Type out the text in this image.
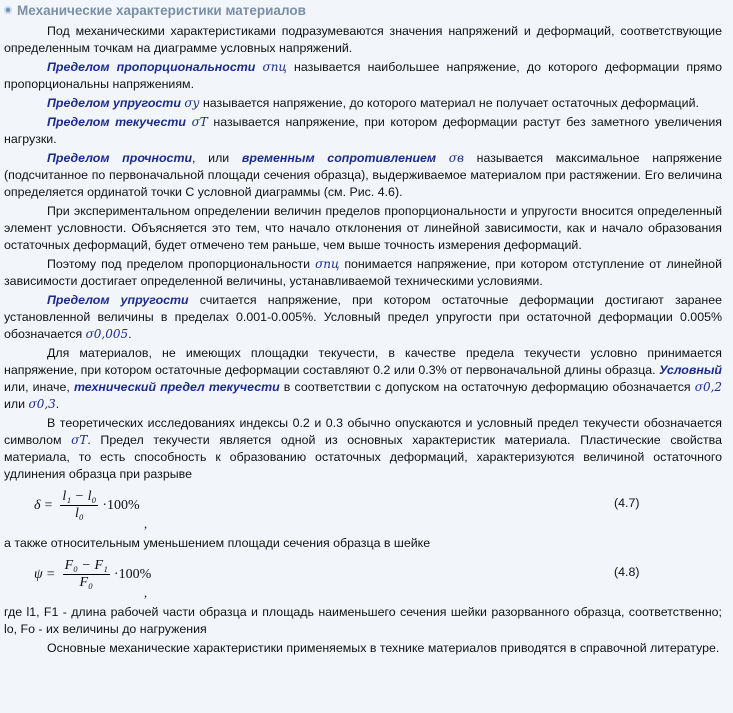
Механические характеристики материалов

Под механическими характеристиками подразумеваются значения напряжений и деформаций, соответствующие определенным точкам на диаграмме условных напряжений.

Пределом пропорциональности σпц называется наибольшее напряжение, до которого деформации прямо пропорциональны напряжениям.

Пределом упругости σу называется напряжение, до которого материал не получает остаточных деформаций.

Пределом текучести σТ называется напряжение, при котором деформации растут без заметного увеличения нагрузки.

Пределом прочности, или временным сопротивлением σв называется максимальное напряжение (подсчитанное по первоначальной площади сечения образца), выдерживаемое материалом при растяжении. Его величина определяется ординатой точки С условной диаграммы (см. Рис. 4.6).

При экспериментальном определении величин пределов пропорциональности и упругости вносится определенный элемент условности. Объясняется это тем, что начало отклонения от линейной зависимости, как и начало образования остаточных деформаций, будет отмечено тем раньше, чем выше точность измерения деформаций.

Поэтому под пределом пропорциональности σпц понимается напряжение, при котором отступление от линейной зависимости достигает определенной величины, устанавливаемой техническими условиями.

Пределом упругости считается напряжение, при котором остаточные деформации достигают заранее установленной величины в пределах 0.001-0.005%. Условный предел упругости при остаточной деформации 0.005% обозначается σ0,005.

Для материалов, не имеющих площадки текучести, в качестве предела текучести условно принимается напряжение, при котором остаточные деформации составляют 0.2 или 0.3% от первоначальной длины образца. Условный или, иначе, технический предел текучести в соответствии с допуском на остаточную деформацию обозначается σ0,2 или σ0,3.

В теоретических исследованиях индексы 0.2 и 0.3 обычно опускаются и условный предел текучести обозначается символом σТ. Предел текучести является одной из основных характеристик материала. Пластические свойства материала, то есть способность к образованию остаточных деформаций, характеризуются величиной остаточного удлинения образца при разрыве

$\delta = \frac{\text{l₁ − l₀}}{\text{l₀}} \cdot 100\%$
,
(4.7)

а также относительным уменьшением площади сечения образца в шейке

$\psi = \frac{\text{F₀ − F₁}}{\text{F₀}} \cdot 100\%$
,
(4.8)

где l1, F1 - длина рабочей части образца и площадь наименьшего сечения шейки разорванного образца, соответственно; lо, Fо - их величины до нагружения

Основные механические характеристики применяемых в технике материалов приводятся в справочной литературе.
